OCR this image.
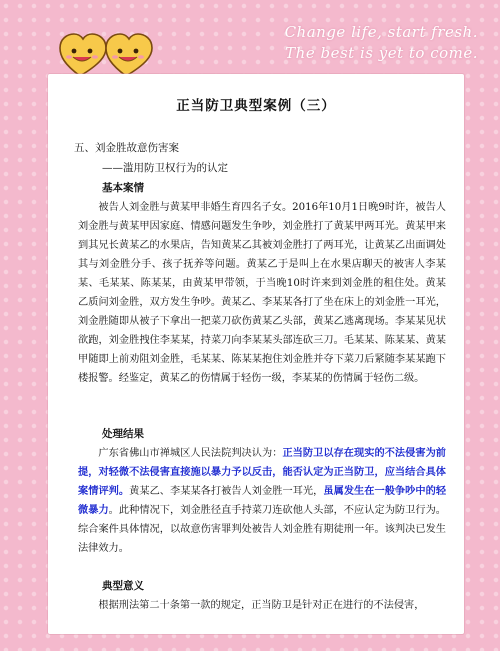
Change life, start fresh.
The best is yet to come.
正当防卫典型案例（三）
五、刘金胜故意伤害案
——滥用防卫权行为的认定
基本案情
被告人刘金胜与黄某甲非婚生育四名子女。2016年10月1日晚9时许，被告人刘金胜与黄某甲因家庭、情感问题发生争吵，刘金胜打了黄某甲两耳光。黄某甲来到其兄长黄某乙的水果店，告知黄某乙其被刘金胜打了两耳光，让黄某乙出面调处其与刘金胜分手、孩子抚养等问题。黄某乙于是叫上在水果店聊天的被害人李某某、毛某某、陈某某，由黄某甲带领，于当晚10时许来到刘金胜的租住处。黄某乙质问刘金胜，双方发生争吵。黄某乙、李某某各打了坐在床上的刘金胜一耳光，刘金胜随即从被子下拿出一把菜刀砍伤黄某乙头部，黄某乙逃离现场。李某某见状欲跑，刘金胜拽住李某某，持菜刀向李某某头部连砍三刀。毛某某、陈某某、黄某甲随即上前劝阻刘金胜，毛某某、陈某某抱住刘金胜并夺下菜刀后紧随李某某跑下楼报警。经鉴定，黄某乙的伤情属于轻伤一级，李某某的伤情属于轻伤二级。
处理结果
广东省佛山市禅城区人民法院判决认为：正当防卫以存在现实的不法侵害为前提，对轻微不法侵害直接施以暴力予以反击，能否认定为正当防卫，应当结合具体案情评判。黄某乙、李某某各打被告人刘金胜一耳光，虽属发生在一般争吵中的轻微暴力。此种情况下，刘金胜径直手持菜刀连砍他人头部，不应认定为防卫行为。综合案件具体情况，以故意伤害罪判处被告人刘金胜有期徒刑一年。该判决已发生法律效力。
典型意义
根据刑法第二十条第一款的规定，正当防卫是针对正在进行的不法侵害，
